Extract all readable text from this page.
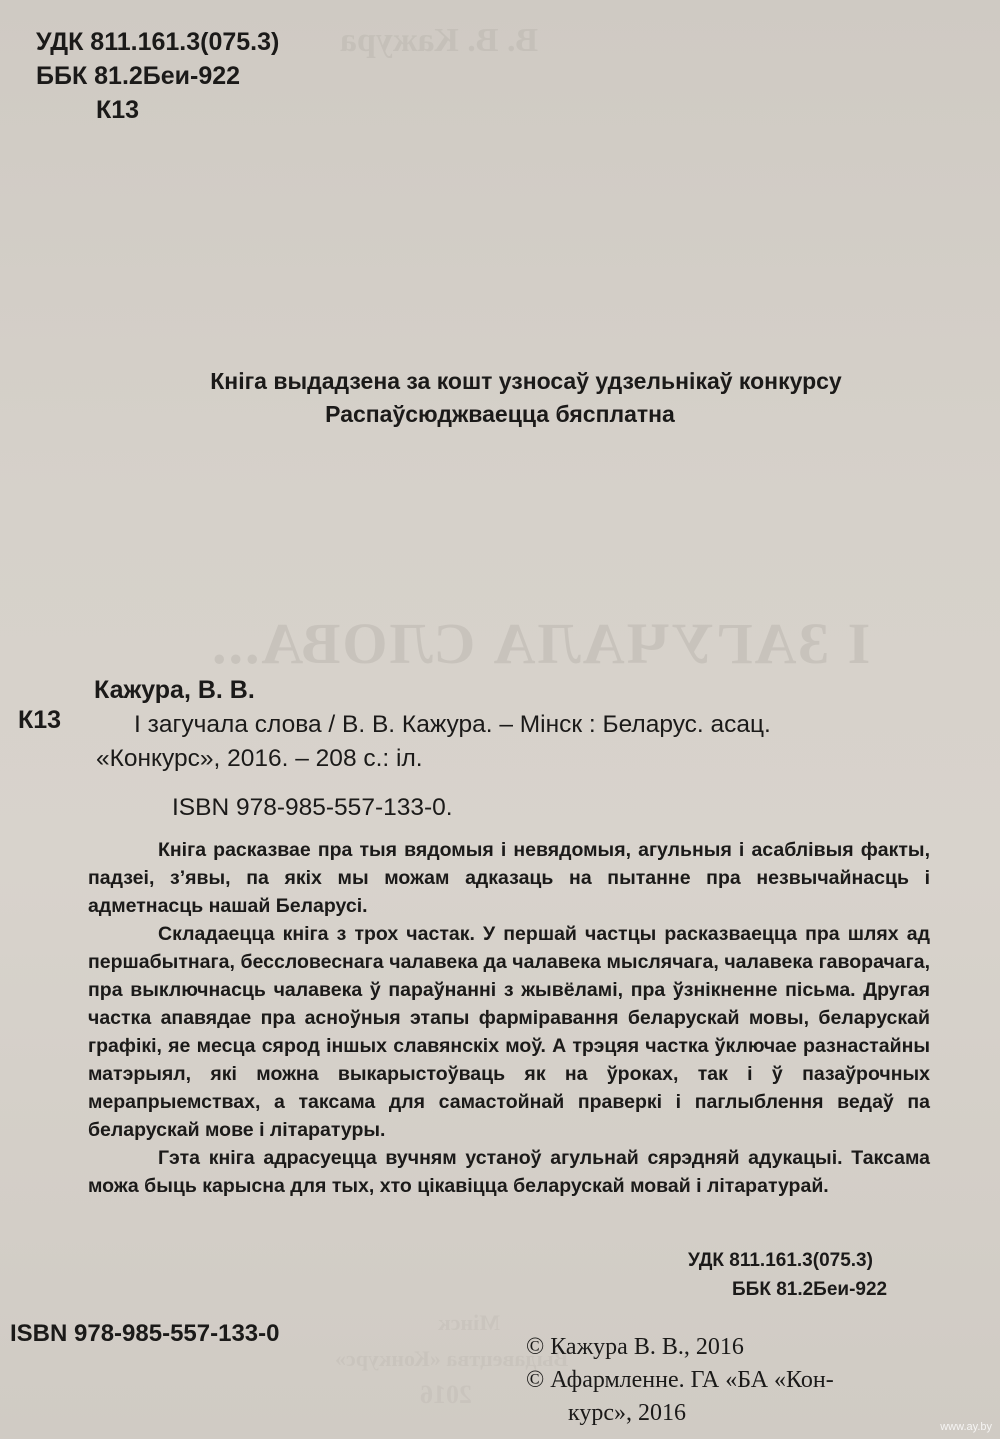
В. В. Кажура
І ЗАГУЧАЛА СЛОВА...
Мінск
Выдавецтва «Конкурс»
2016
УДК 811.161.3(075.3)
ББК 81.2Беи-922
К13
Кніга выдадзена за кошт узносаў удзельнікаў конкурсу
Распаўсюджваецца бясплатна
Кажура, В. В.
К13	І загучала слова / В. В. Кажура. – Мінск : Беларус. асац.
«Конкурс», 2016. – 208 с.: іл.
ISBN 978-985-557-133-0.

Кніга расказвае пра тыя вядомыя і невядомыя, агульныя і асаблівыя факты, падзеі, з’явы, па якіх мы можам адказаць на пытанне пра незвычайнасць і адметнасць нашай Беларусі.

Складаецца кніга з трох частак. У першай частцы расказваецца пра шлях ад першабытнага, бессловеснага чалавека да чалавека мыслячага, чалавека гаворачага, пра выключнасць чалавека ў параўнанні з жывёламі, пра ўзнікненне пісьма. Другая частка апавядае пра асноўныя этапы фарміравання беларускай мовы, беларускай графікі, яе месца сярод іншых славянскіх моў. А трэцяя частка ўключае разнастайны матэрыял, які можна выкарыстоўваць як на ўроках, так і ў пазаўрочных мерапрыемствах, а таксама для самастойнай праверкі і паглыблення ведаў па беларускай мове і літаратуры.

Гэта кніга адрасуецца вучням устаноў агульнай сярэдняй адукацыі. Таксама можа быць карысна для тых, хто цікавіцца беларускай мовай і літаратурай.

УДК 811.161.3(075.3)
ББК 81.2Беи-922
ISBN 978-985-557-133-0	© Кажура В. В., 2016
© Афармленне. ГА «БА «Кон-
курс», 2016
www.ay.by
